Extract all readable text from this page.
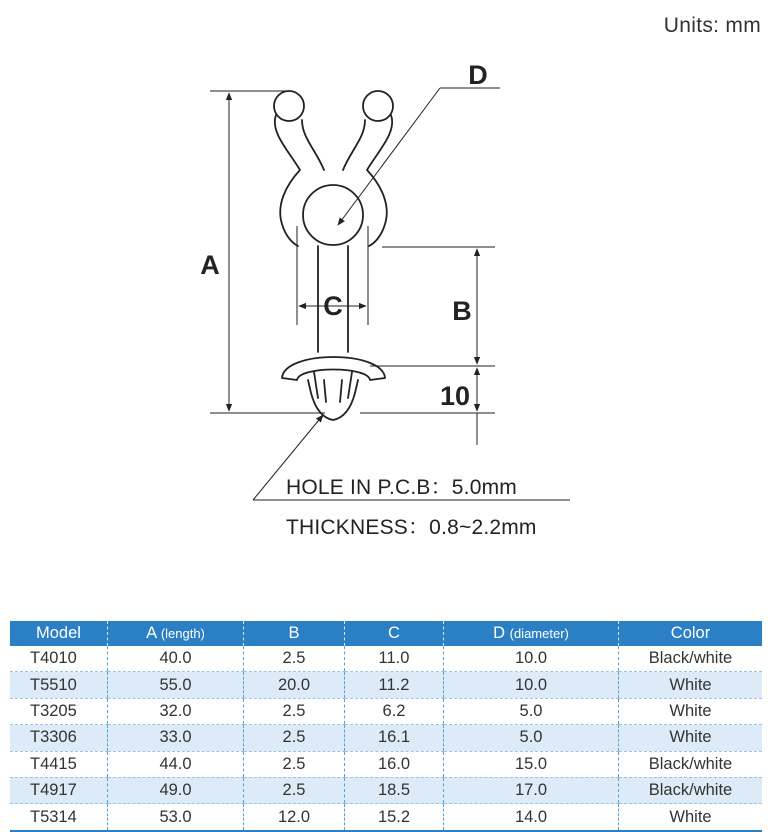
Units: mm
A
C	B
D
10
HOLE IN P.C.B：5.0mm
THICKNESS：0.8~2.2mm
Model	A (length)	B	C	D (diameter)	Color
T4010	40.0	2.5	11.0	10.0	Black/white
T5510	55.0	20.0	11.2	10.0	White
T3205	32.0	2.5	6.2	5.0	White
T3306	33.0	2.5	16.1	5.0	White
T4415	44.0	2.5	16.0	15.0	Black/white
T4917	49.0	2.5	18.5	17.0	Black/white
T5314	53.0	12.0	15.2	14.0	White
